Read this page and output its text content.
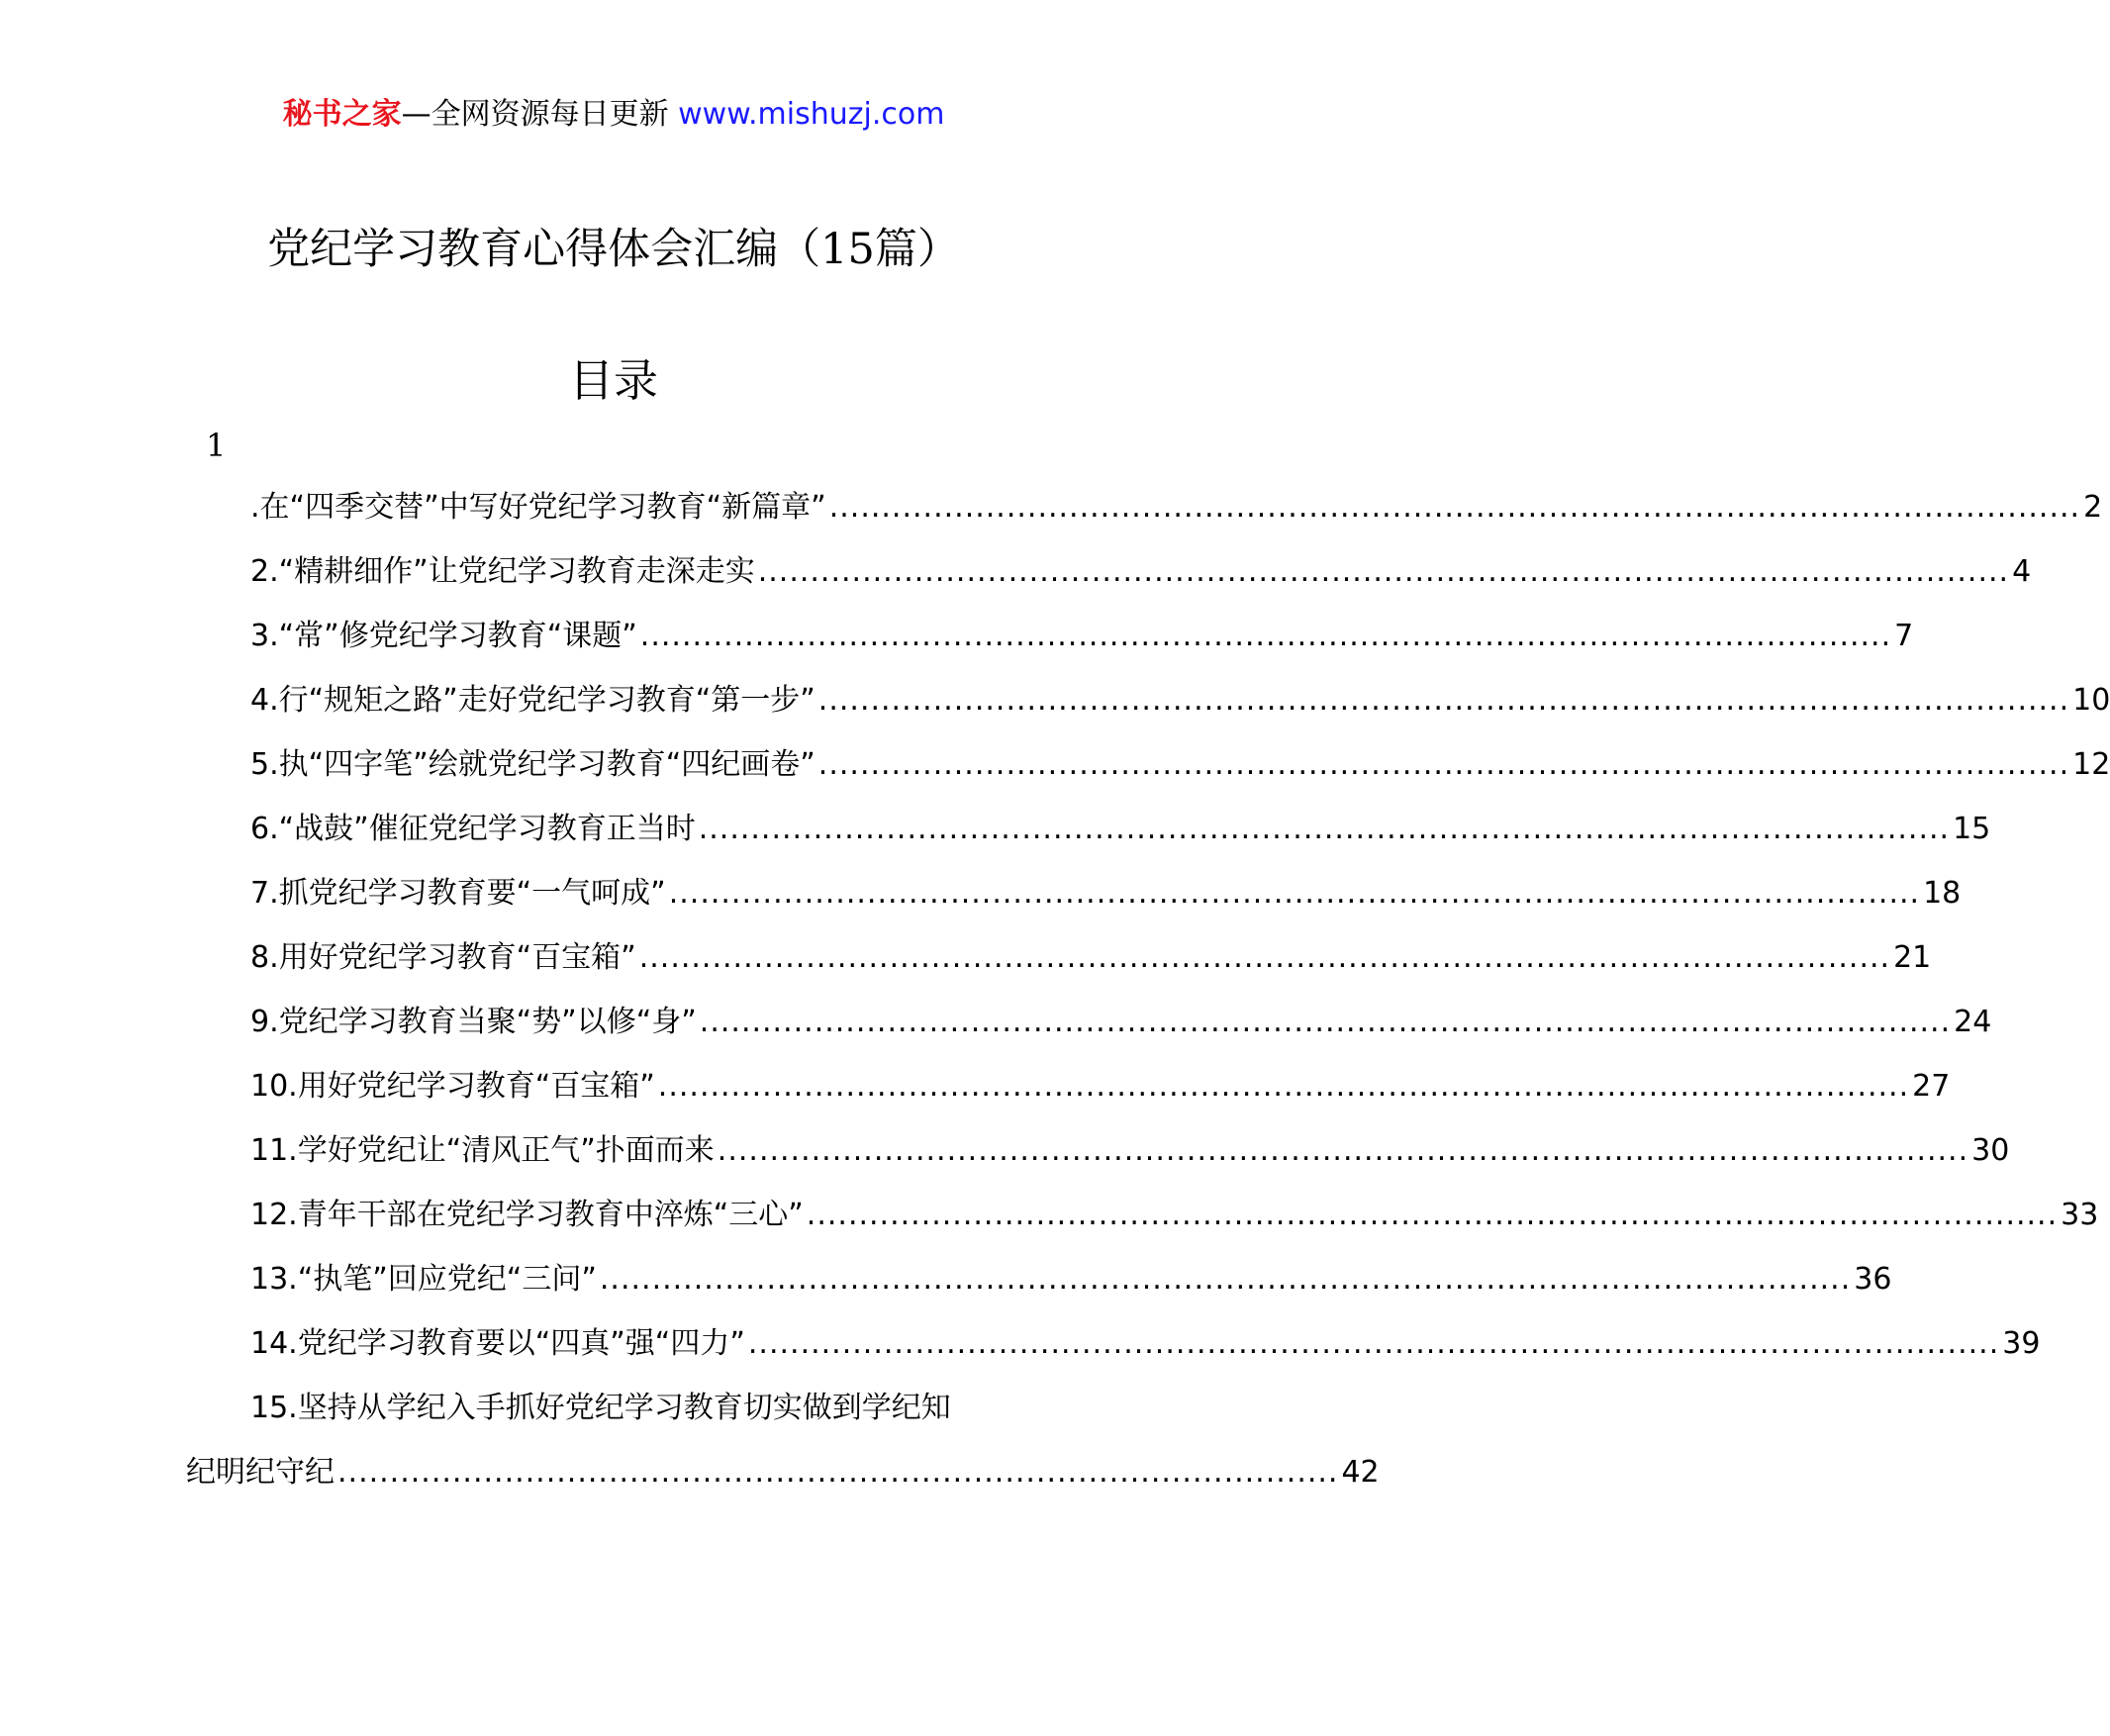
秘书之家—全网资源每日更新 www.mishuzj.com
党纪学习教育心得体会汇编（15篇）
目录
1
.在“四季交替”中写好党纪学习教育“新篇章” ........................................................................................................................ 2
2.“精耕细作”让党纪学习教育走深走实 ........................................................................................................................ 4
3.“常”修党纪学习教育“课题” ........................................................................................................................ 7
4.行“规矩之路”走好党纪学习教育“第一步” ........................................................................................................................ 10
5.执“四字笔”绘就党纪学习教育“四纪画卷” ........................................................................................................................ 12
6.“战鼓”催征党纪学习教育正当时 ........................................................................................................................ 15
7.抓党纪学习教育要“一气呵成” ........................................................................................................................ 18
8.用好党纪学习教育“百宝箱” ........................................................................................................................ 21
9.党纪学习教育当聚“势”以修“身” ........................................................................................................................ 24
10.用好党纪学习教育“百宝箱” ........................................................................................................................ 27
11.学好党纪让“清风正气”扑面而来 ........................................................................................................................ 30
12.青年干部在党纪学习教育中淬炼“三心” ........................................................................................................................ 33
13.“执笔”回应党纪“三问” ........................................................................................................................ 36
14.党纪学习教育要以“四真”强“四力” ........................................................................................................................ 39
15.坚持从学纪入手抓好党纪学习教育切实做到学纪知
纪明纪守纪 ................................................................................................ 42
